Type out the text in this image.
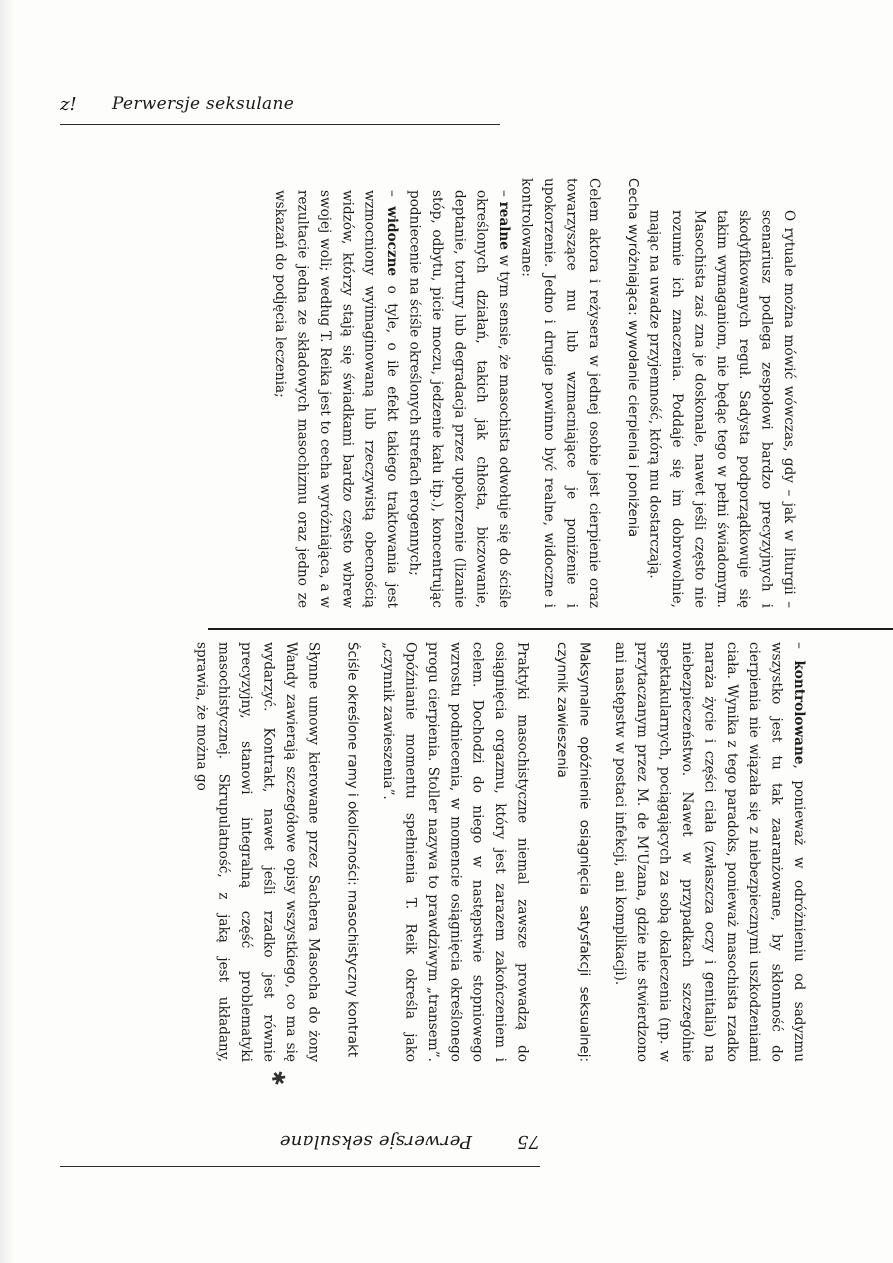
z! Perwersje seksulane

O rytuale można mówić wówczas, gdy – jak w liturgii – scenariusz podlega zespołowi bardzo precyzyjnych i skodyfikowanych reguł. Sadysta podporządkowuje się takim wymaganiom, nie będąc tego w pełni świadomym. Masochista zaś zna je doskonale, nawet jeśli często nie rozumie ich znaczenia. Poddaje się im dobrowolnie, mając na uwadze przyjemność, którą mu dostarczają.

Cecha wyróżniająca: wywołanie cierpienia i poniżenia

Celem aktora i reżysera w jednej osobie jest cierpienie oraz towarzyszące mu lub wzmacniające je poniżenie i upokorzenie. Jedno i drugie powinno być realne, widoczne i kontrolowane:

– realne w tym sensie, że masochista odwołuje się do ściśle określonych działań, takich jak chłosta, biczowanie, deptanie, tortury lub degradacja przez upokorzenie (lizanie stóp, odbytu, picie moczu, jedzenie kału itp.), koncentrując podniecenie na ściśle określonych strefach erogennych;

– widoczne o tyle, o ile efekt takiego traktowania jest wzmocniony wyimaginowaną lub rzeczywistą obecnością widzów, którzy stają się świadkami bardzo często wbrew swojej woli; według T. Reika jest to cecha wyróżniająca, a w rezultacie jedna ze składowych masochizmu oraz jedno ze wskazań do podjęcia leczenia;

– kontrolowane, ponieważ w odróżnieniu od sadyzmu wszystko jest tu tak zaaranżowane, by skłonność do cierpienia nie wiązała się z niebezpiecznymi uszkodzeniami ciała. Wynika z tego paradoks, ponieważ masochista rzadko naraża życie i części ciała (zwłaszcza oczy i genitalia) na niebezpieczeństwo. Nawet w przypadkach szczególnie spektakularnych, pociągających za sobą okaleczenia (np. w przytaczanym przez M. de M'Uzana, gdzie nie stwierdzono ani następstw w postaci infekcji, ani komplikacji).

Maksymalne opóźnienie osiągnięcia satysfakcji seksualnej: czynnik zawieszenia

Praktyki masochistyczne niemal zawsze prowadzą do osiągnięcia orgazmu, który jest zarazem zakończeniem i celem. Dochodzi do niego w następstwie stopniowego wzrostu podniecenia, w momencie osiągnięcia określonego progu cierpienia. Stoller nazywa to prawdziwym „transem”. Opóźnianie momentu spełnienia T. Reik określa jako „czynnik zawieszenia”.

Ściśle określone ramy i okoliczności: masochistyczny kontrakt

Słynne umowy kierowane przez Sachera Masocha do żony Wandy zawierają szczegółowe opisy wszystkiego, co ma się wydarzyć. Kontrakt, nawet jeśli rzadko jest równie precyzyjny, stanowi integralną część problematyki masochistycznej. Skrupulatność, z jaką jest układany, sprawia, że można go

✱
75
Perwersje seksulane
